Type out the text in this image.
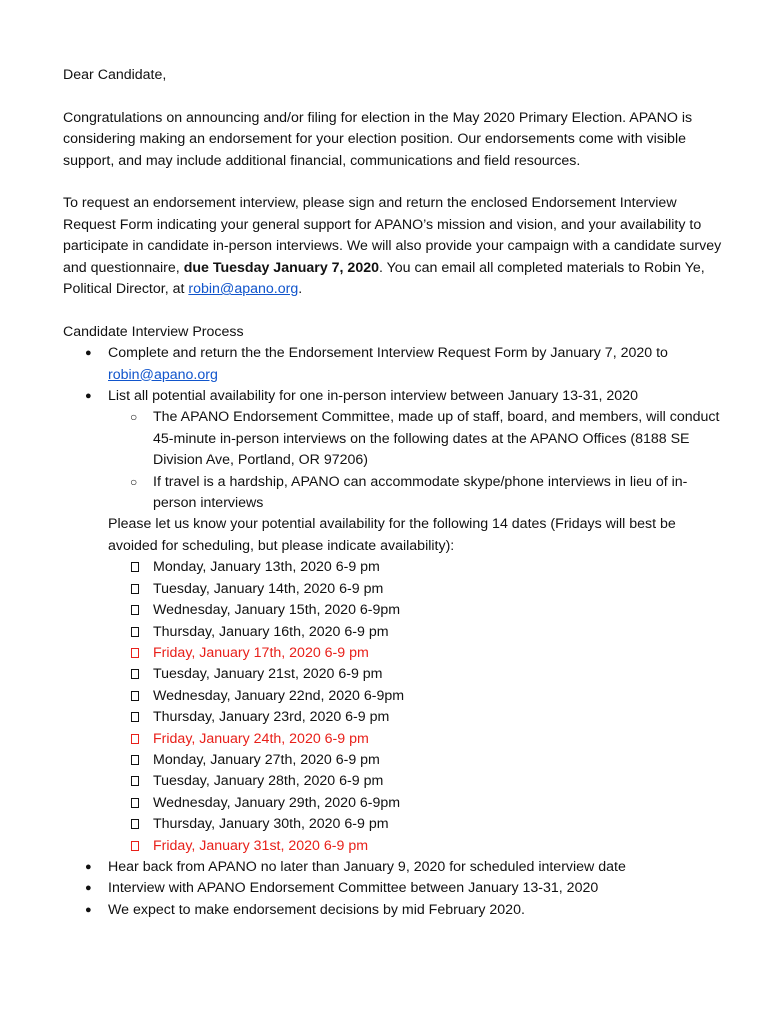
Dear Candidate,

Congratulations on announcing and/or filing for election in the May 2020 Primary Election. APANO is considering making an endorsement for your election position. Our endorsements come with visible support, and may include additional financial, communications and field resources.

To request an endorsement interview, please sign and return the enclosed Endorsement Interview Request Form indicating your general support for APANO’s mission and vision, and your availability to participate in candidate in-person interviews. We will also provide your campaign with a candidate survey and questionnaire, due Tuesday January 7, 2020. You can email all completed materials to Robin Ye, Political Director, at robin@apano.org.

Candidate Interview Process

● Complete and return the the Endorsement Interview Request Form by January 7, 2020 to robin@apano.org
● List all potential availability for one in-person interview between January 13-31, 2020
○ The APANO Endorsement Committee, made up of staff, board, and members, will conduct 45-minute in-person interviews on the following dates at the APANO Offices (8188 SE Division Ave, Portland, OR 97206)
○ If travel is a hardship, APANO can accommodate skype/phone interviews in lieu of in-person interviews

Please let us know your potential availability for the following 14 dates (Fridays will best be avoided for scheduling, but please indicate availability):

Monday, January 13th, 2020 6-9 pm
Tuesday, January 14th, 2020 6-9 pm
Wednesday, January 15th, 2020 6-9pm
Thursday, January 16th, 2020 6-9 pm
Friday, January 17th, 2020 6-9 pm
Tuesday, January 21st, 2020 6-9 pm
Wednesday, January 22nd, 2020 6-9pm
Thursday, January 23rd, 2020 6-9 pm
Friday, January 24th, 2020 6-9 pm
Monday, January 27th, 2020 6-9 pm
Tuesday, January 28th, 2020 6-9 pm
Wednesday, January 29th, 2020 6-9pm
Thursday, January 30th, 2020 6-9 pm
Friday, January 31st, 2020 6-9 pm
● Hear back from APANO no later than January 9, 2020 for scheduled interview date
● Interview with APANO Endorsement Committee between January 13-31, 2020
● We expect to make endorsement decisions by mid February 2020.
